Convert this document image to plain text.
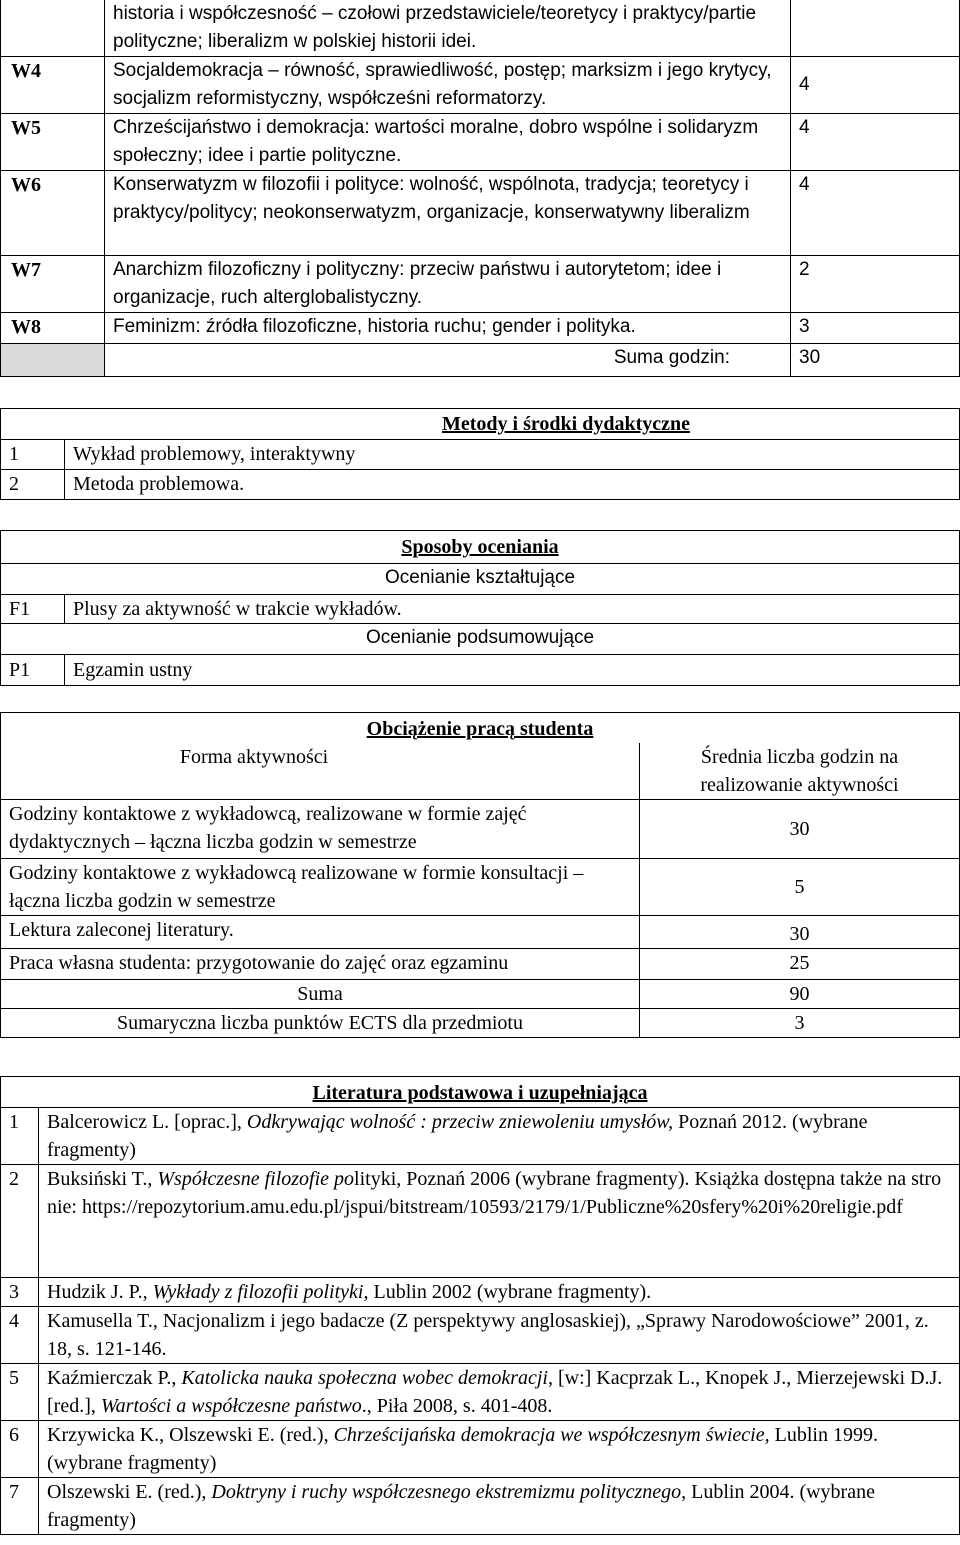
	historia i współczesność – czołowi przedstawiciele/teoretycy i praktycy/partie polityczne; liberalizm w polskiej historii idei.	
W4	Socjaldemokracja – równość, sprawiedliwość, postęp; marksizm i jego krytycy, socjalizm reformistyczny, współcześni reformatorzy.	4
W5	Chrześcijaństwo i demokracja: wartości moralne, dobro wspólne i solidaryzm społeczny; idee i partie polityczne.	4
W6	Konserwatyzm w filozofii i polityce: wolność, wspólnota, tradycja; teoretycy i praktycy/politycy; neokonserwatyzm, organizacje, konserwatywny liberalizm	4
W7	Anarchizm filozoficzny i polityczny: przeciw państwu i autorytetom; idee i organizacje, ruch alterglobalistyczny.	2
W8	Feminizm: źródła filozoficzne, historia ruchu; gender i polityka.	3
	Suma godzin:	30
Metody i środki dydaktyczne	
1	Wykład problemowy, interaktywny
2	Metoda problemowa.
Sposoby oceniania	
Ocenianie kształtujące	
F1	Plusy za aktywność w trakcie wykładów.
Ocenianie podsumowujące	
P1	Egzamin ustny
Obciążenie pracą studenta	
Forma aktywności	Średnia liczba godzin na realizowanie aktywności
Godziny kontaktowe z wykładowcą, realizowane w formie zajęć dydaktycznych – łączna liczba godzin w semestrze	30
Godziny kontaktowe z wykładowcą realizowane w formie konsultacji – łączna liczba godzin w semestrze	5
Lektura zaleconej literatury.	30
Praca własna studenta: przygotowanie do zajęć oraz egzaminu	25
Suma	90
Sumaryczna liczba punktów ECTS dla przedmiotu	3
Literatura podstawowa i uzupełniająca	
1	Balcerowicz L. [oprac.], Odkrywając wolność : przeciw zniewoleniu umysłów, Poznań 2012. (wybrane fragmenty)
2	Buksiński T., Współczesne filozofie polityki, Poznań 2006 (wybrane fragmenty). Książka dostępna także na stronie: https://repozytorium.amu.edu.pl/jspui/bitstream/10593/2179/1/Publiczne%20sfery%20i%20religie.pdf
3	Hudzik J. P., Wykłady z filozofii polityki, Lublin 2002 (wybrane fragmenty).
4	Kamusella T., Nacjonalizm i jego badacze (Z perspektywy anglosaskiej), „Sprawy Narodowościowe” 2001, z. 18, s. 121-146.
5	Kaźmierczak P., Katolicka nauka społeczna wobec demokracji, [w:] Kacprzak L., Knopek J., Mierzejewski D.J. [red.], Wartości a współczesne państwo., Piła 2008, s. 401-408.
6	Krzywicka K., Olszewski E. (red.), Chrześcijańska demokracja we współczesnym świecie, Lublin 1999. (wybrane fragmenty)
7	Olszewski E. (red.), Doktryny i ruchy współczesnego ekstremizmu politycznego, Lublin 2004. (wybrane fragmenty)
